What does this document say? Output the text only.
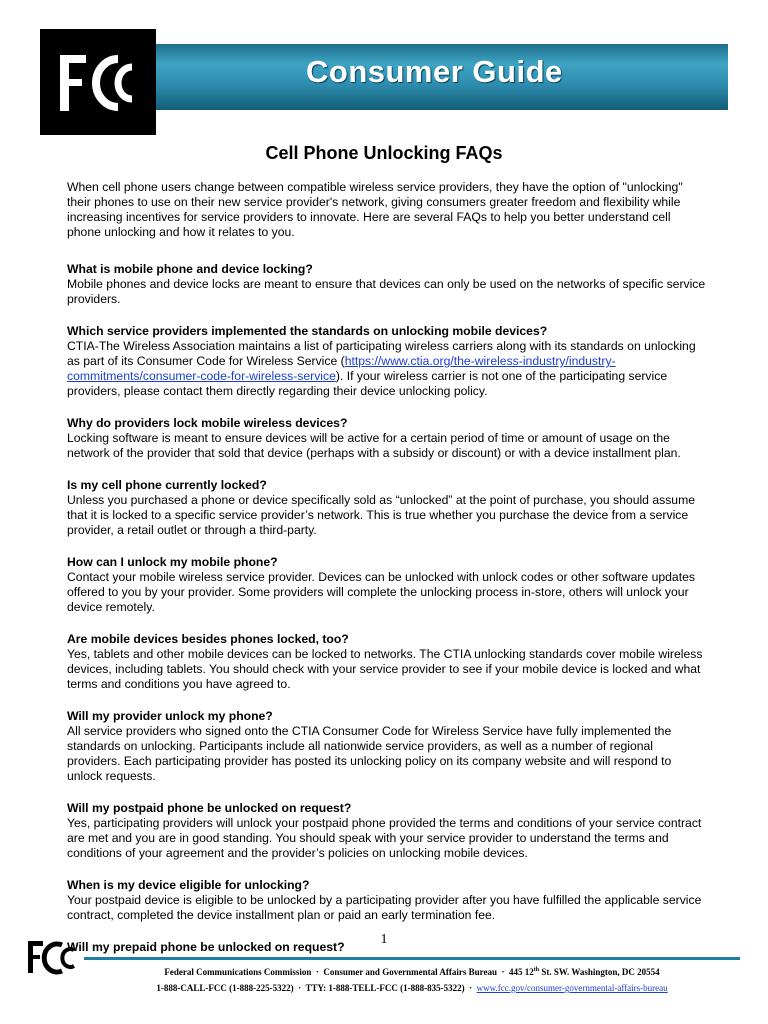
Consumer Guide
Cell Phone Unlocking FAQs

When cell phone users change between compatible wireless service providers, they have the option of "unlocking" their phones to use on their new service provider's network, giving consumers greater freedom and flexibility while increasing incentives for service providers to innovate. Here are several FAQs to help you better understand cell phone unlocking and how it relates to you.

What is mobile phone and device locking?

Mobile phones and device locks are meant to ensure that devices can only be used on the networks of specific service providers.

Which service providers implemented the standards on unlocking mobile devices?

CTIA-The Wireless Association maintains a list of participating wireless carriers along with its standards on unlocking as part of its Consumer Code for Wireless Service (https://www.ctia.org/the-wireless-industry/industry-commitments/consumer-code-for-wireless-service). If your wireless carrier is not one of the participating service providers, please contact them directly regarding their device unlocking policy.

Why do providers lock mobile wireless devices?

Locking software is meant to ensure devices will be active for a certain period of time or amount of usage on the network of the provider that sold that device (perhaps with a subsidy or discount) or with a device installment plan.

Is my cell phone currently locked?

Unless you purchased a phone or device specifically sold as “unlocked” at the point of purchase, you should assume that it is locked to a specific service provider’s network. This is true whether you purchase the device from a service provider, a retail outlet or through a third-party.

How can I unlock my mobile phone?

Contact your mobile wireless service provider. Devices can be unlocked with unlock codes or other software updates offered to you by your provider. Some providers will complete the unlocking process in-store, others will unlock your device remotely.

Are mobile devices besides phones locked, too?

Yes, tablets and other mobile devices can be locked to networks. The CTIA unlocking standards cover mobile wireless devices, including tablets. You should check with your service provider to see if your mobile device is locked and what terms and conditions you have agreed to.

Will my provider unlock my phone?

All service providers who signed onto the CTIA Consumer Code for Wireless Service have fully implemented the standards on unlocking. Participants include all nationwide service providers, as well as a number of regional providers. Each participating provider has posted its unlocking policy on its company website and will respond to unlock requests.

Will my postpaid phone be unlocked on request?

Yes, participating providers will unlock your postpaid phone provided the terms and conditions of your service contract are met and you are in good standing. You should speak with your service provider to understand the terms and conditions of your agreement and the provider’s policies on unlocking mobile devices.

When is my device eligible for unlocking?

Your postpaid device is eligible to be unlocked by a participating provider after you have fulfilled the applicable service contract, completed the device installment plan or paid an early termination fee.

Will my prepaid phone be unlocked on request?	1
Federal Communications Commission · Consumer and Governmental Affairs Bureau · 445 12th St. SW. Washington, DC 20554
1-888-CALL-FCC (1-888-225-5322) · TTY: 1-888-TELL-FCC (1-888-835-5322) · www.fcc.gov/consumer-governmental-affairs-bureau
